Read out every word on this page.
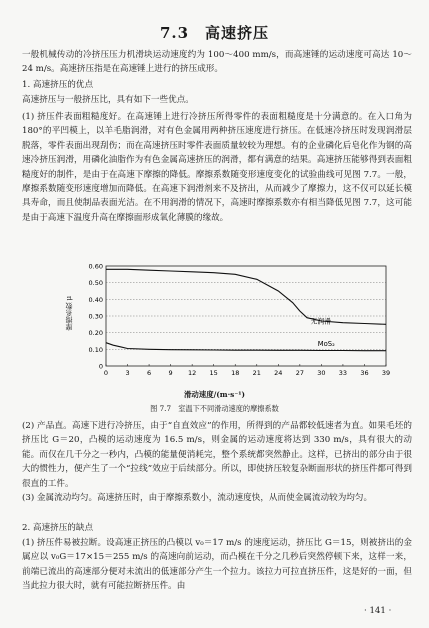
7.3　高速挤压

一般机械传动的冷挤压压力机滑块运动速度约为 100～400 mm/s，而高速锤的运动速度可高达 10～24 m/s。高速挤压指是在高速锤上进行的挤压成形。

1. 高速挤压的优点

高速挤压与一般挤压比，具有如下一些优点。

(1) 挤压件表面粗糙度好。在高速锤上进行冷挤压所得零件的表面粗糙度是十分满意的。在入口角为 180°的平凹模上，以羊毛脂润滑，对有色金属用两种挤压速度进行挤压。在低速冷挤压时发现润滑层脱落，零件表面出现刮伤；而在高速挤压时零件表面质量较较为理想。有的企业磷化后皂化作为钢的高速冷挤压润滑，用磷化油脂作为有色金属高速挤压的润滑，都有满意的结果。高速挤压能够得到表面粗糙度好的制件，是由于在高速下摩擦的降低。摩擦系数随变形速度变化的试验曲线可见图 7.7。一般，摩擦系数随变形速度增加而降低。在高速下润滑剂来不及挤出，从而减少了摩擦力，这不仅可以延长模具寿命，而且使制品表面光洁。在不用润滑的情况下，高速时摩擦系数亦有相当降低见图 7.7，这可能是由于高速下温度升高在摩擦面形成氧化薄膜的缘故。

摩擦系数 μ
0.60
0.50
0.40
0.30
0.20
0.10
0
0	3	6	9 12 15 18 21 24 27 30 33 36 39
无润滑
MoS₂
滑动速度/(m·s⁻¹)
图 7.7　室温下不同滑动速度的摩擦系数

(2) 产品直。高速下进行冷挤压，由于“自直效应”的作用，所得到的产品都较低速者为直。如果毛坯的挤压比 G＝20，凸模的运动速度为 16.5 m/s，则金属的运动速度将达到 330 m/s，具有很大的动能。而仅在几千分之一秒内，凸模的能量便消耗完，整个系统都突然静止。这样，已挤出的部分由于很大的惯性力，便产生了一个“拉线”效应于后续部分。所以，即使挤压较复杂断面形状的挤压件都可得到很直的工件。

(3) 金属流动均匀。高速挤压时，由于摩擦系数小，流动速度快，从而使金属流动较为均匀。

2. 高速挤压的缺点

(1) 挤压件易被拉断。设高速正挤压的凸模以 v₀＝17 m/s 的速度运动，挤压比 G＝15，则被挤出的金属应以 v₀G＝17×15＝255 m/s 的高速向前运动，而凸模在千分之几秒后突然停顿下来，这样一来，前端已流出的高速部分便对未流出的低速部分产生一个拉力。该拉力可拉直挤压件，这是好的一面，但当此拉力很大时，就有可能拉断挤压件。由

· 141 ·
